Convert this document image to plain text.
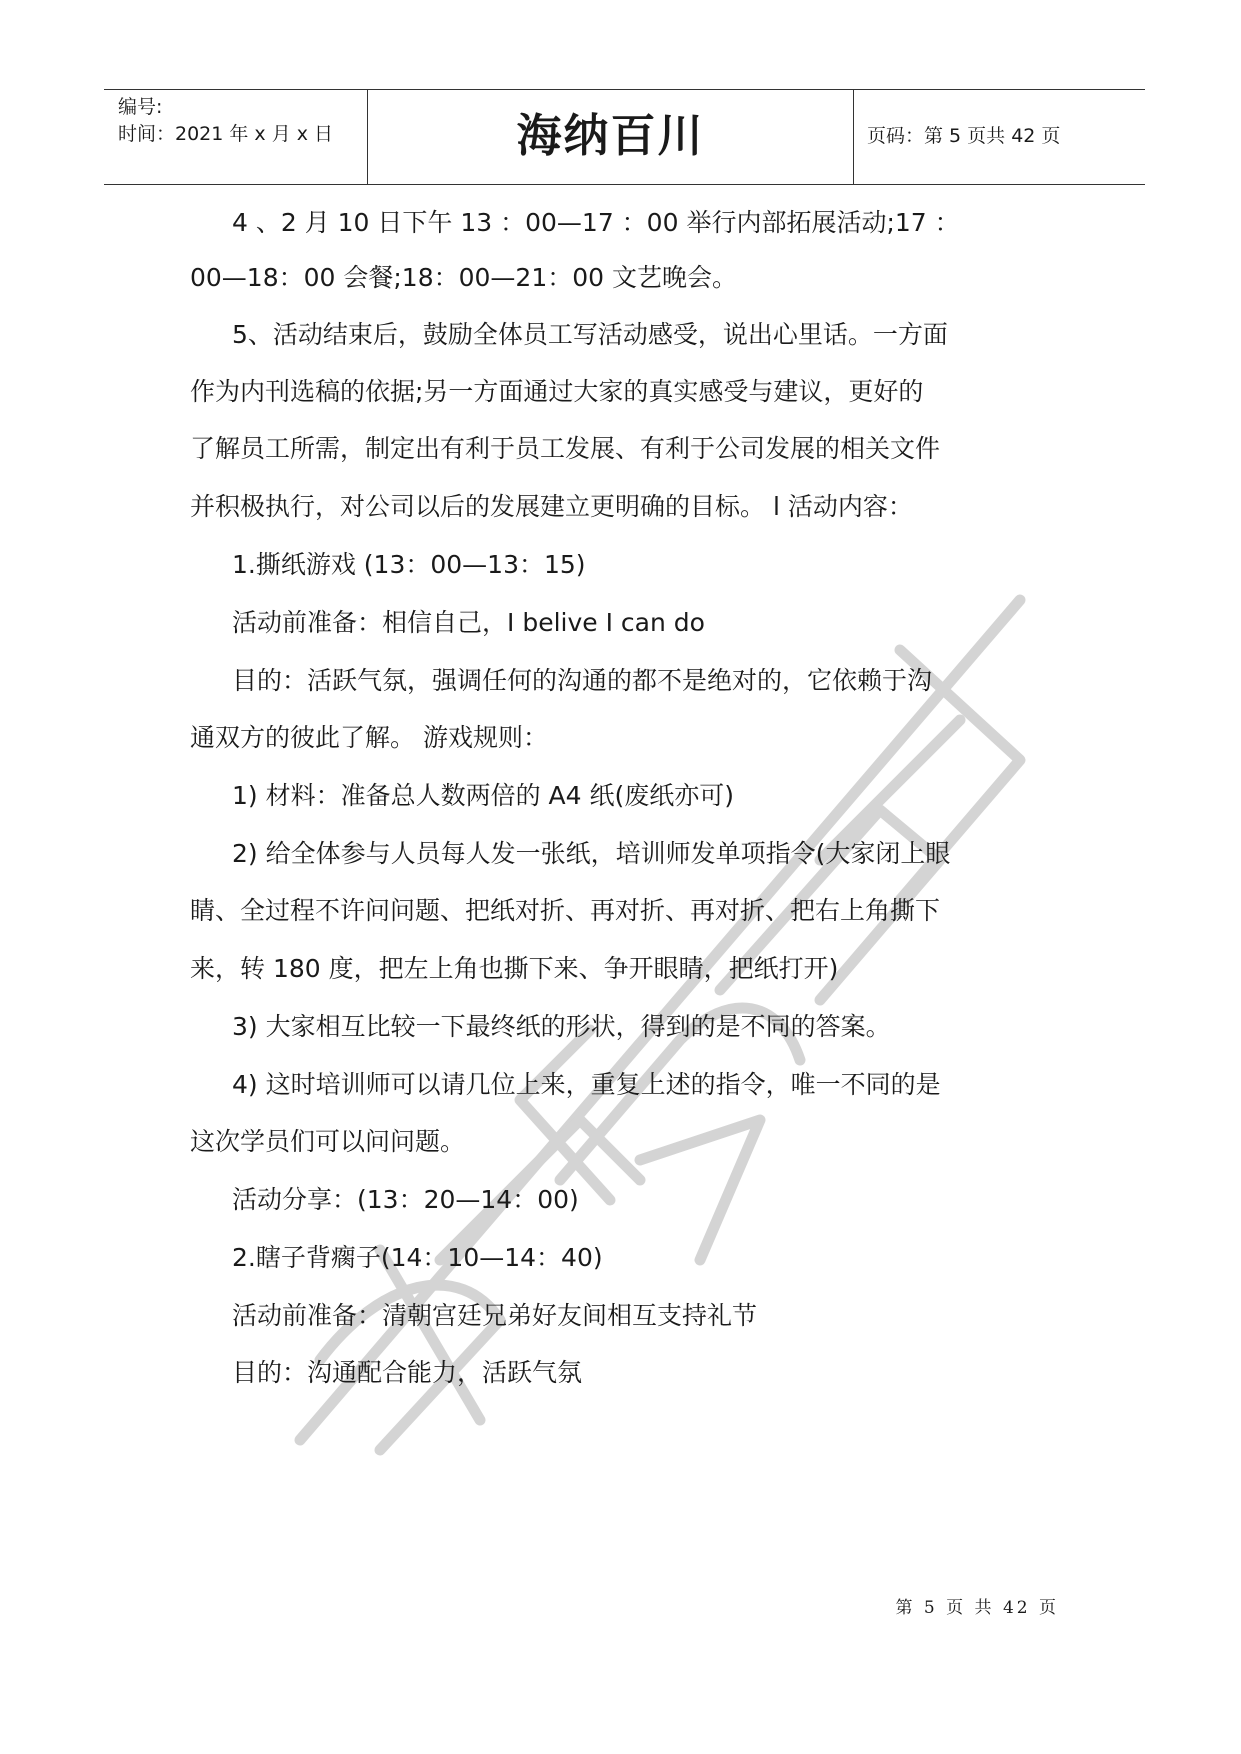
编号:
时间：2021 年 x 月 x 日	海纳百川	页码：第 5 页共 42 页
4 、2 月 10 日下午 13 ：00—17 ：00 举行内部拓展活动;17 ：
00—18：00 会餐;18：00—21：00 文艺晚会。
5、活动结束后，鼓励全体员工写活动感受，说出心里话。一方面
作为内刊选稿的依据;另一方面通过大家的真实感受与建议，更好的
了解员工所需，制定出有利于员工发展、有利于公司发展的相关文件
并积极执行，对公司以后的发展建立更明确的目标。 l 活动内容：
1.撕纸游戏 (13：00—13：15)
活动前准备：相信自己，I belive I can do
目的：活跃气氛，强调任何的沟通的都不是绝对的，它依赖于沟
通双方的彼此了解。 游戏规则：
1) 材料：准备总人数两倍的 A4 纸(废纸亦可)
2) 给全体参与人员每人发一张纸，培训师发单项指令(大家闭上眼
睛、全过程不许问问题、把纸对折、再对折、再对折、把右上角撕下
来，转 180 度，把左上角也撕下来、争开眼睛，把纸打开)
3) 大家相互比较一下最终纸的形状，得到的是不同的答案。
4) 这时培训师可以请几位上来，重复上述的指令，唯一不同的是
这次学员们可以问问题。
活动分享：(13：20—14：00)
2.瞎子背瘸子(14：10—14：40)
活动前准备：清朝宫廷兄弟好友间相互支持礼节
目的：沟通配合能力，活跃气氛
第 5 页 共 42 页
